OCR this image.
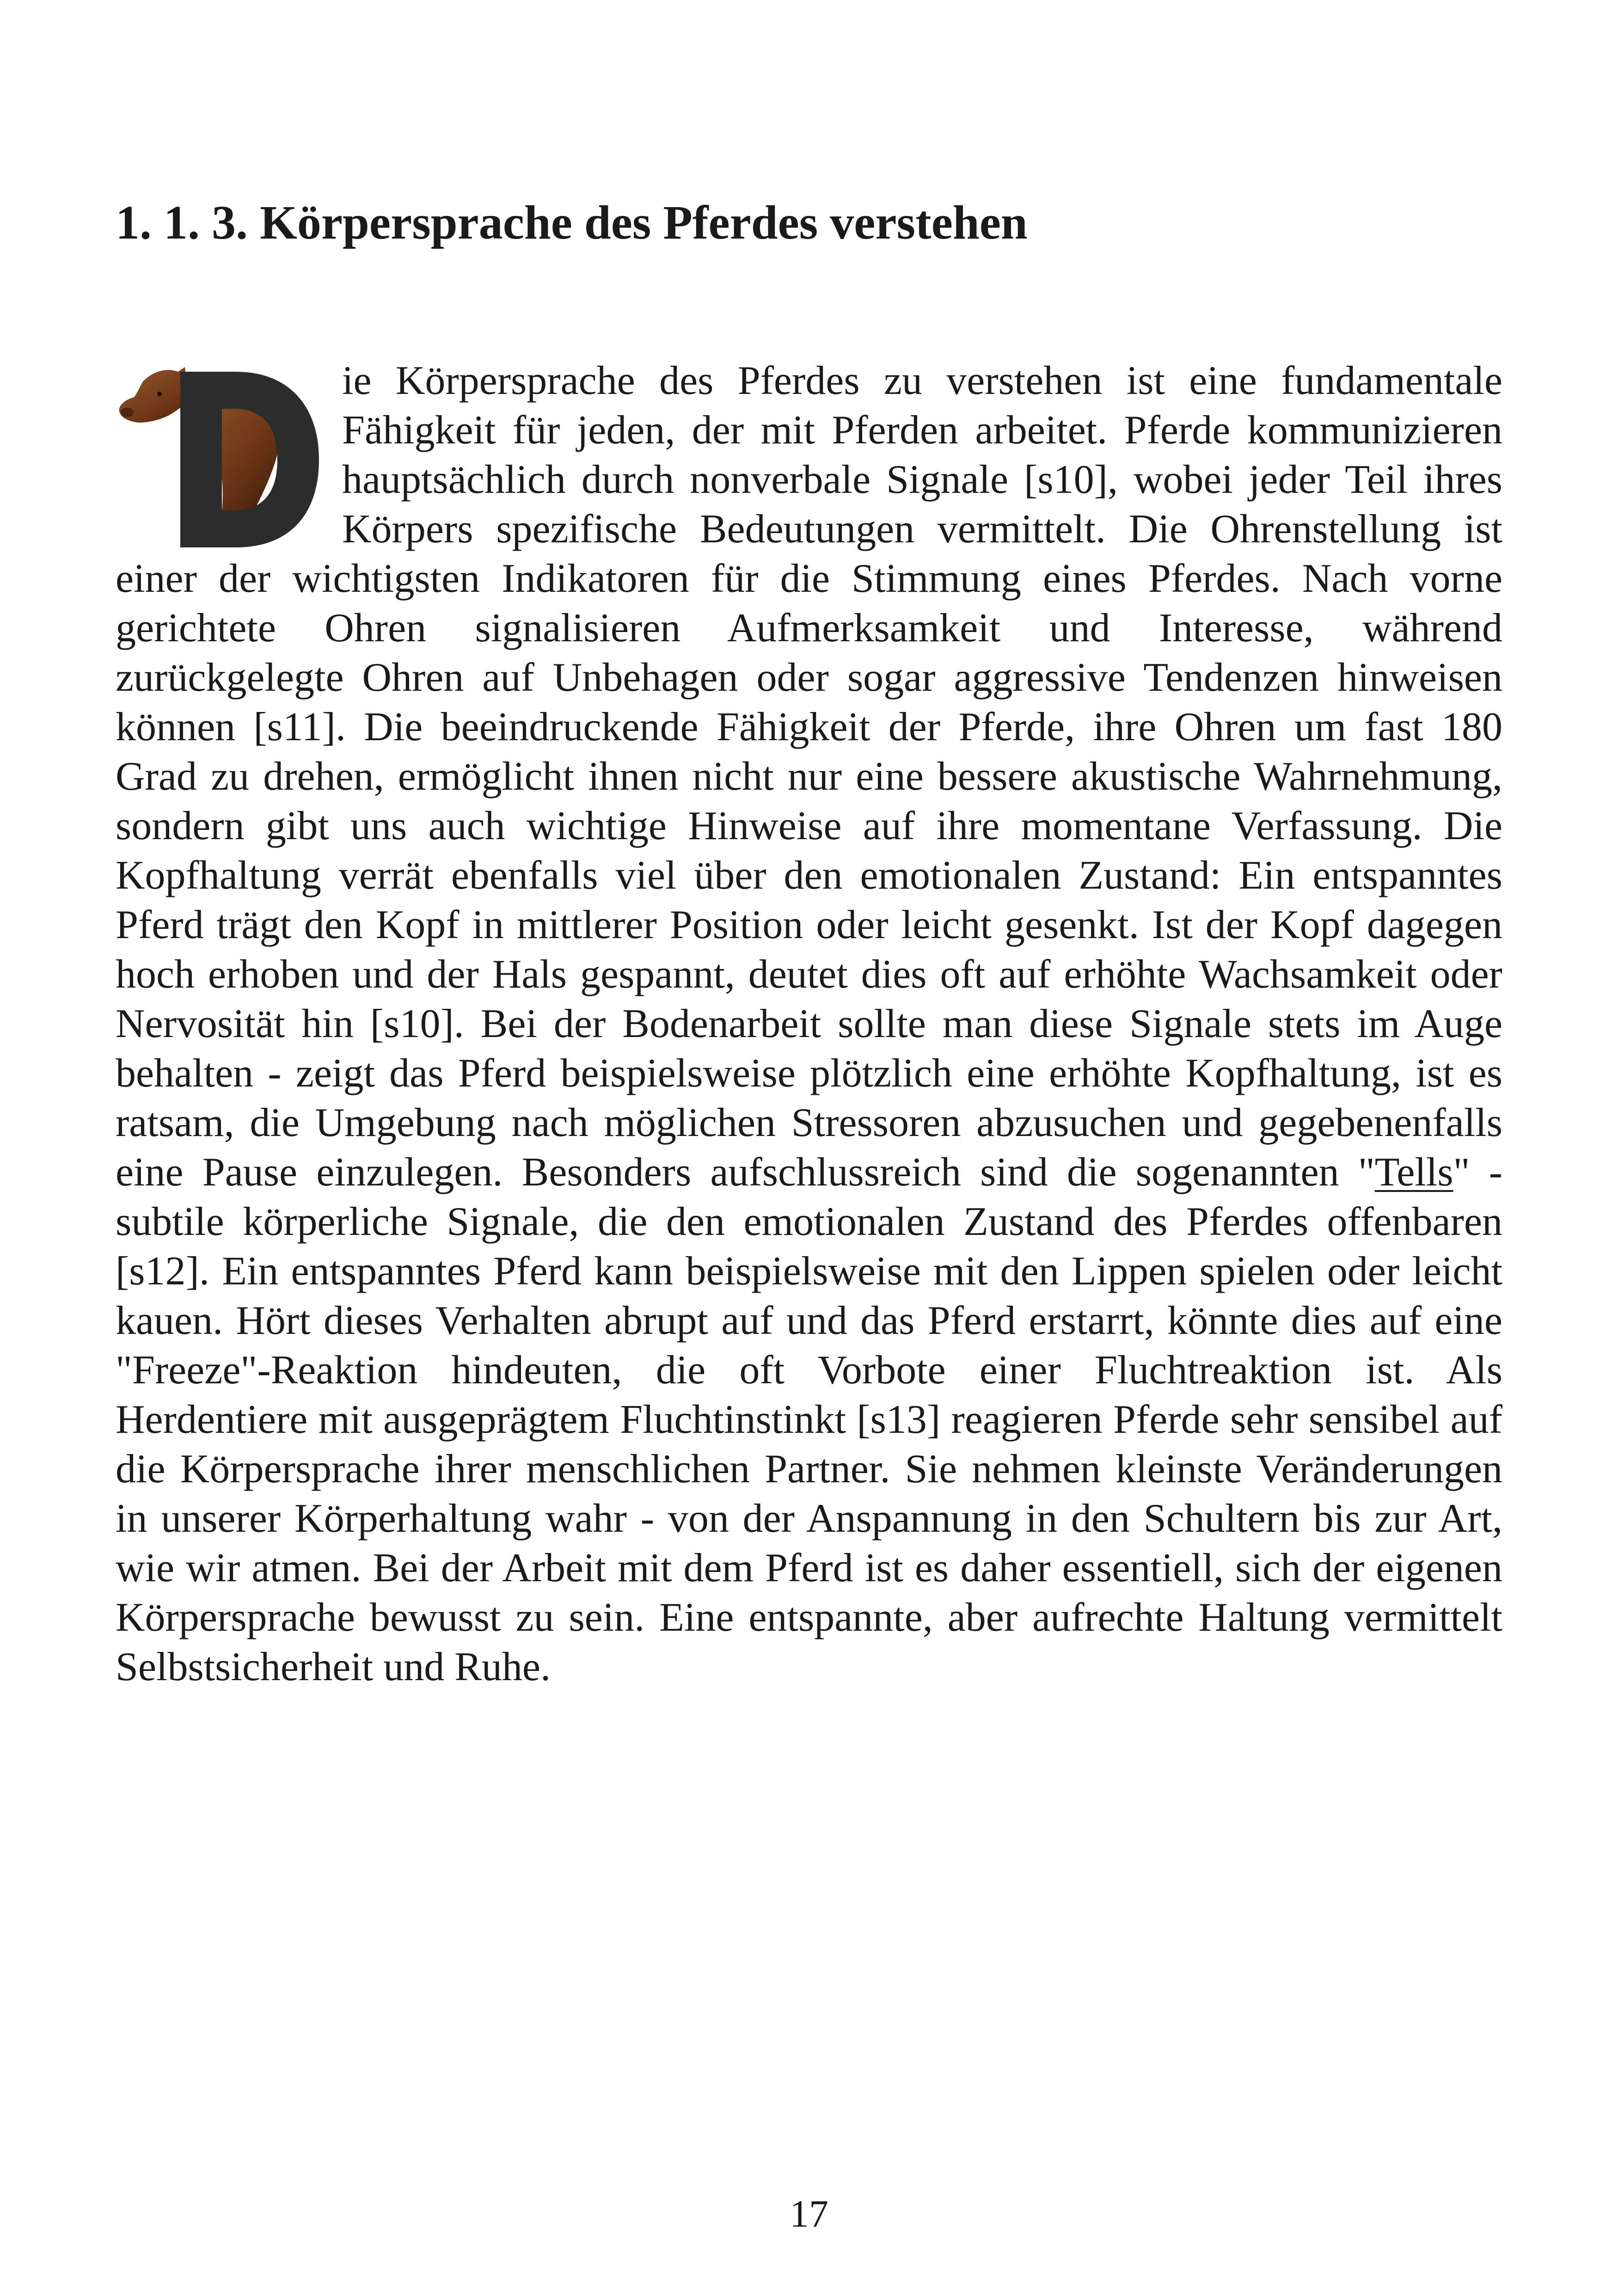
1. 1. 3. Körpersprache des Pferdes verstehen

ie Körpersprache des Pferdes zu verstehen ist eine fundamentale Fähigkeit für jeden, der mit Pferden arbeitet. Pferde kommunizieren hauptsächlich durch nonverbale Signale [s10], wobei jeder Teil ihres Körpers spezifische Bedeutungen vermittelt. Die Ohrenstellung ist einer der wichtigsten Indikatoren für die Stimmung eines Pferdes. Nach vorne gerichtete Ohren signalisieren Aufmerksamkeit und Interesse, während zurückgelegte Ohren auf Unbehagen oder sogar aggressive Tendenzen hinweisen können [s11]. Die beeindruckende Fähigkeit der Pferde, ihre Ohren um fast 180 Grad zu drehen, ermöglicht ihnen nicht nur eine bessere akustische Wahrnehmung, sondern gibt uns auch wichtige Hinweise auf ihre momentane Verfassung. Die Kopfhaltung verrät ebenfalls viel über den emotionalen Zustand: Ein entspanntes Pferd trägt den Kopf in mittlerer Position oder leicht gesenkt. Ist der Kopf dagegen hoch erhoben und der Hals gespannt, deutet dies oft auf erhöhte Wachsamkeit oder Nervosität hin [s10]. Bei der Bodenarbeit sollte man diese Signale stets im Auge behalten - zeigt das Pferd beispielsweise plötzlich eine erhöhte Kopfhaltung, ist es ratsam, die Umgebung nach möglichen Stressoren abzusuchen und gegebenenfalls eine Pause einzulegen. Besonders aufschlussreich sind die sogenannten "Tells" - subtile körperliche Signale, die den emotionalen Zustand des Pferdes offenbaren [s12]. Ein entspanntes Pferd kann beispielsweise mit den Lippen spielen oder leicht kauen. Hört dieses Verhalten abrupt auf und das Pferd erstarrt, könnte dies auf eine "Freeze"-Reaktion hindeuten, die oft Vorbote einer Fluchtreaktion ist. Als Herdentiere mit ausgeprägtem Fluchtinstinkt [s13] reagieren Pferde sehr sensibel auf die Körpersprache ihrer menschlichen Partner. Sie nehmen kleinste Veränderungen in unserer Körperhaltung wahr - von der Anspannung in den Schultern bis zur Art, wie wir atmen. Bei der Arbeit mit dem Pferd ist es daher essentiell, sich der eigenen Körpersprache bewusst zu sein. Eine entspannte, aber aufrechte Haltung vermittelt Selbstsicherheit und Ruhe.

17
